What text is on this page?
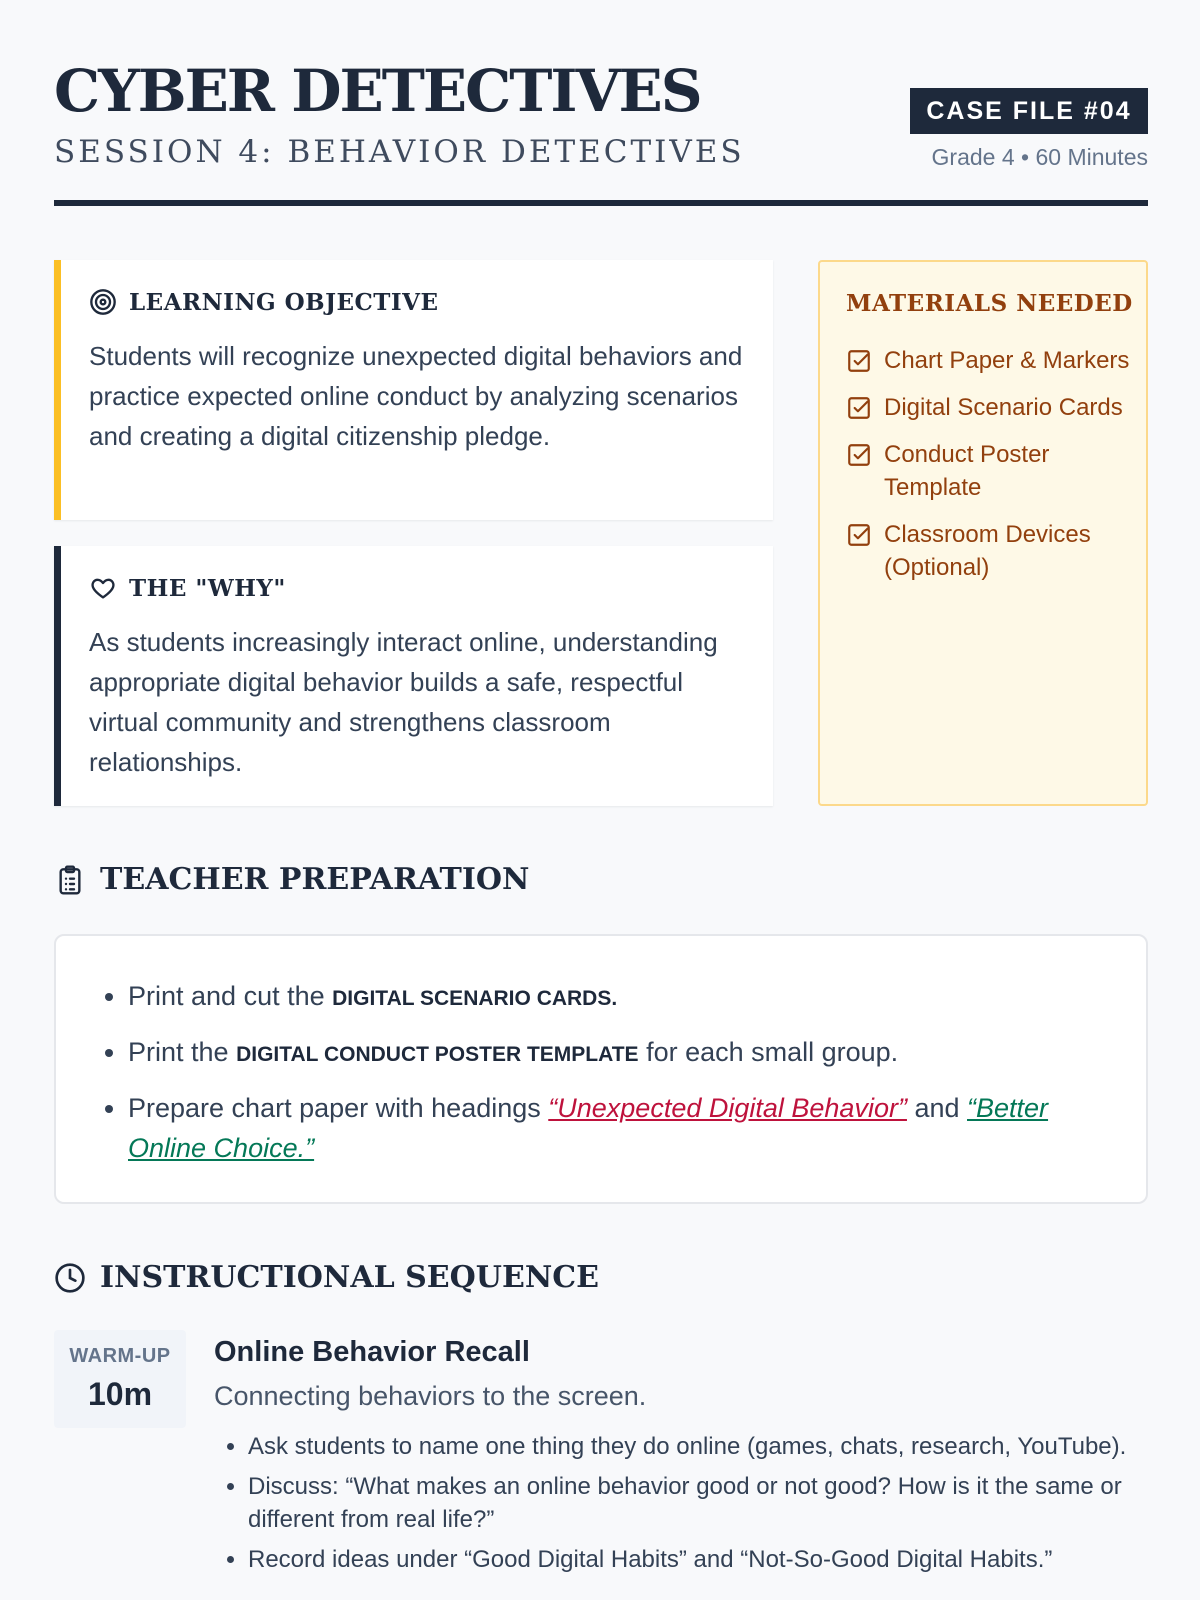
CYBER DETECTIVES
SESSION 4: BEHAVIOR DETECTIVES
CASE FILE #04
Grade 4 • 60 Minutes
LEARNING OBJECTIVE
Students will recognize unexpected digital behaviors and practice expected online conduct by analyzing scenarios and creating a digital citizenship pledge.
THE "WHY"
As students increasingly interact online, understanding appropriate digital behavior builds a safe, respectful virtual community and strengthens classroom relationships.
MATERIALS NEEDED
Chart Paper & Markers
Digital Scenario Cards
Conduct Poster Template
Classroom Devices (Optional)
TEACHER PREPARATION
• Print and cut the DIGITAL SCENARIO CARDS.
• Print the DIGITAL CONDUCT POSTER TEMPLATE for each small group.
• Prepare chart paper with headings “Unexpected Digital Behavior” and “Better Online Choice.”
INSTRUCTIONAL SEQUENCE
WARM-UP
10m
Online Behavior Recall
Connecting behaviors to the screen.
• Ask students to name one thing they do online (games, chats, research, YouTube).
• Discuss: “What makes an online behavior good or not good? How is it the same or different from real life?”
• Record ideas under “Good Digital Habits” and “Not-So-Good Digital Habits.”
